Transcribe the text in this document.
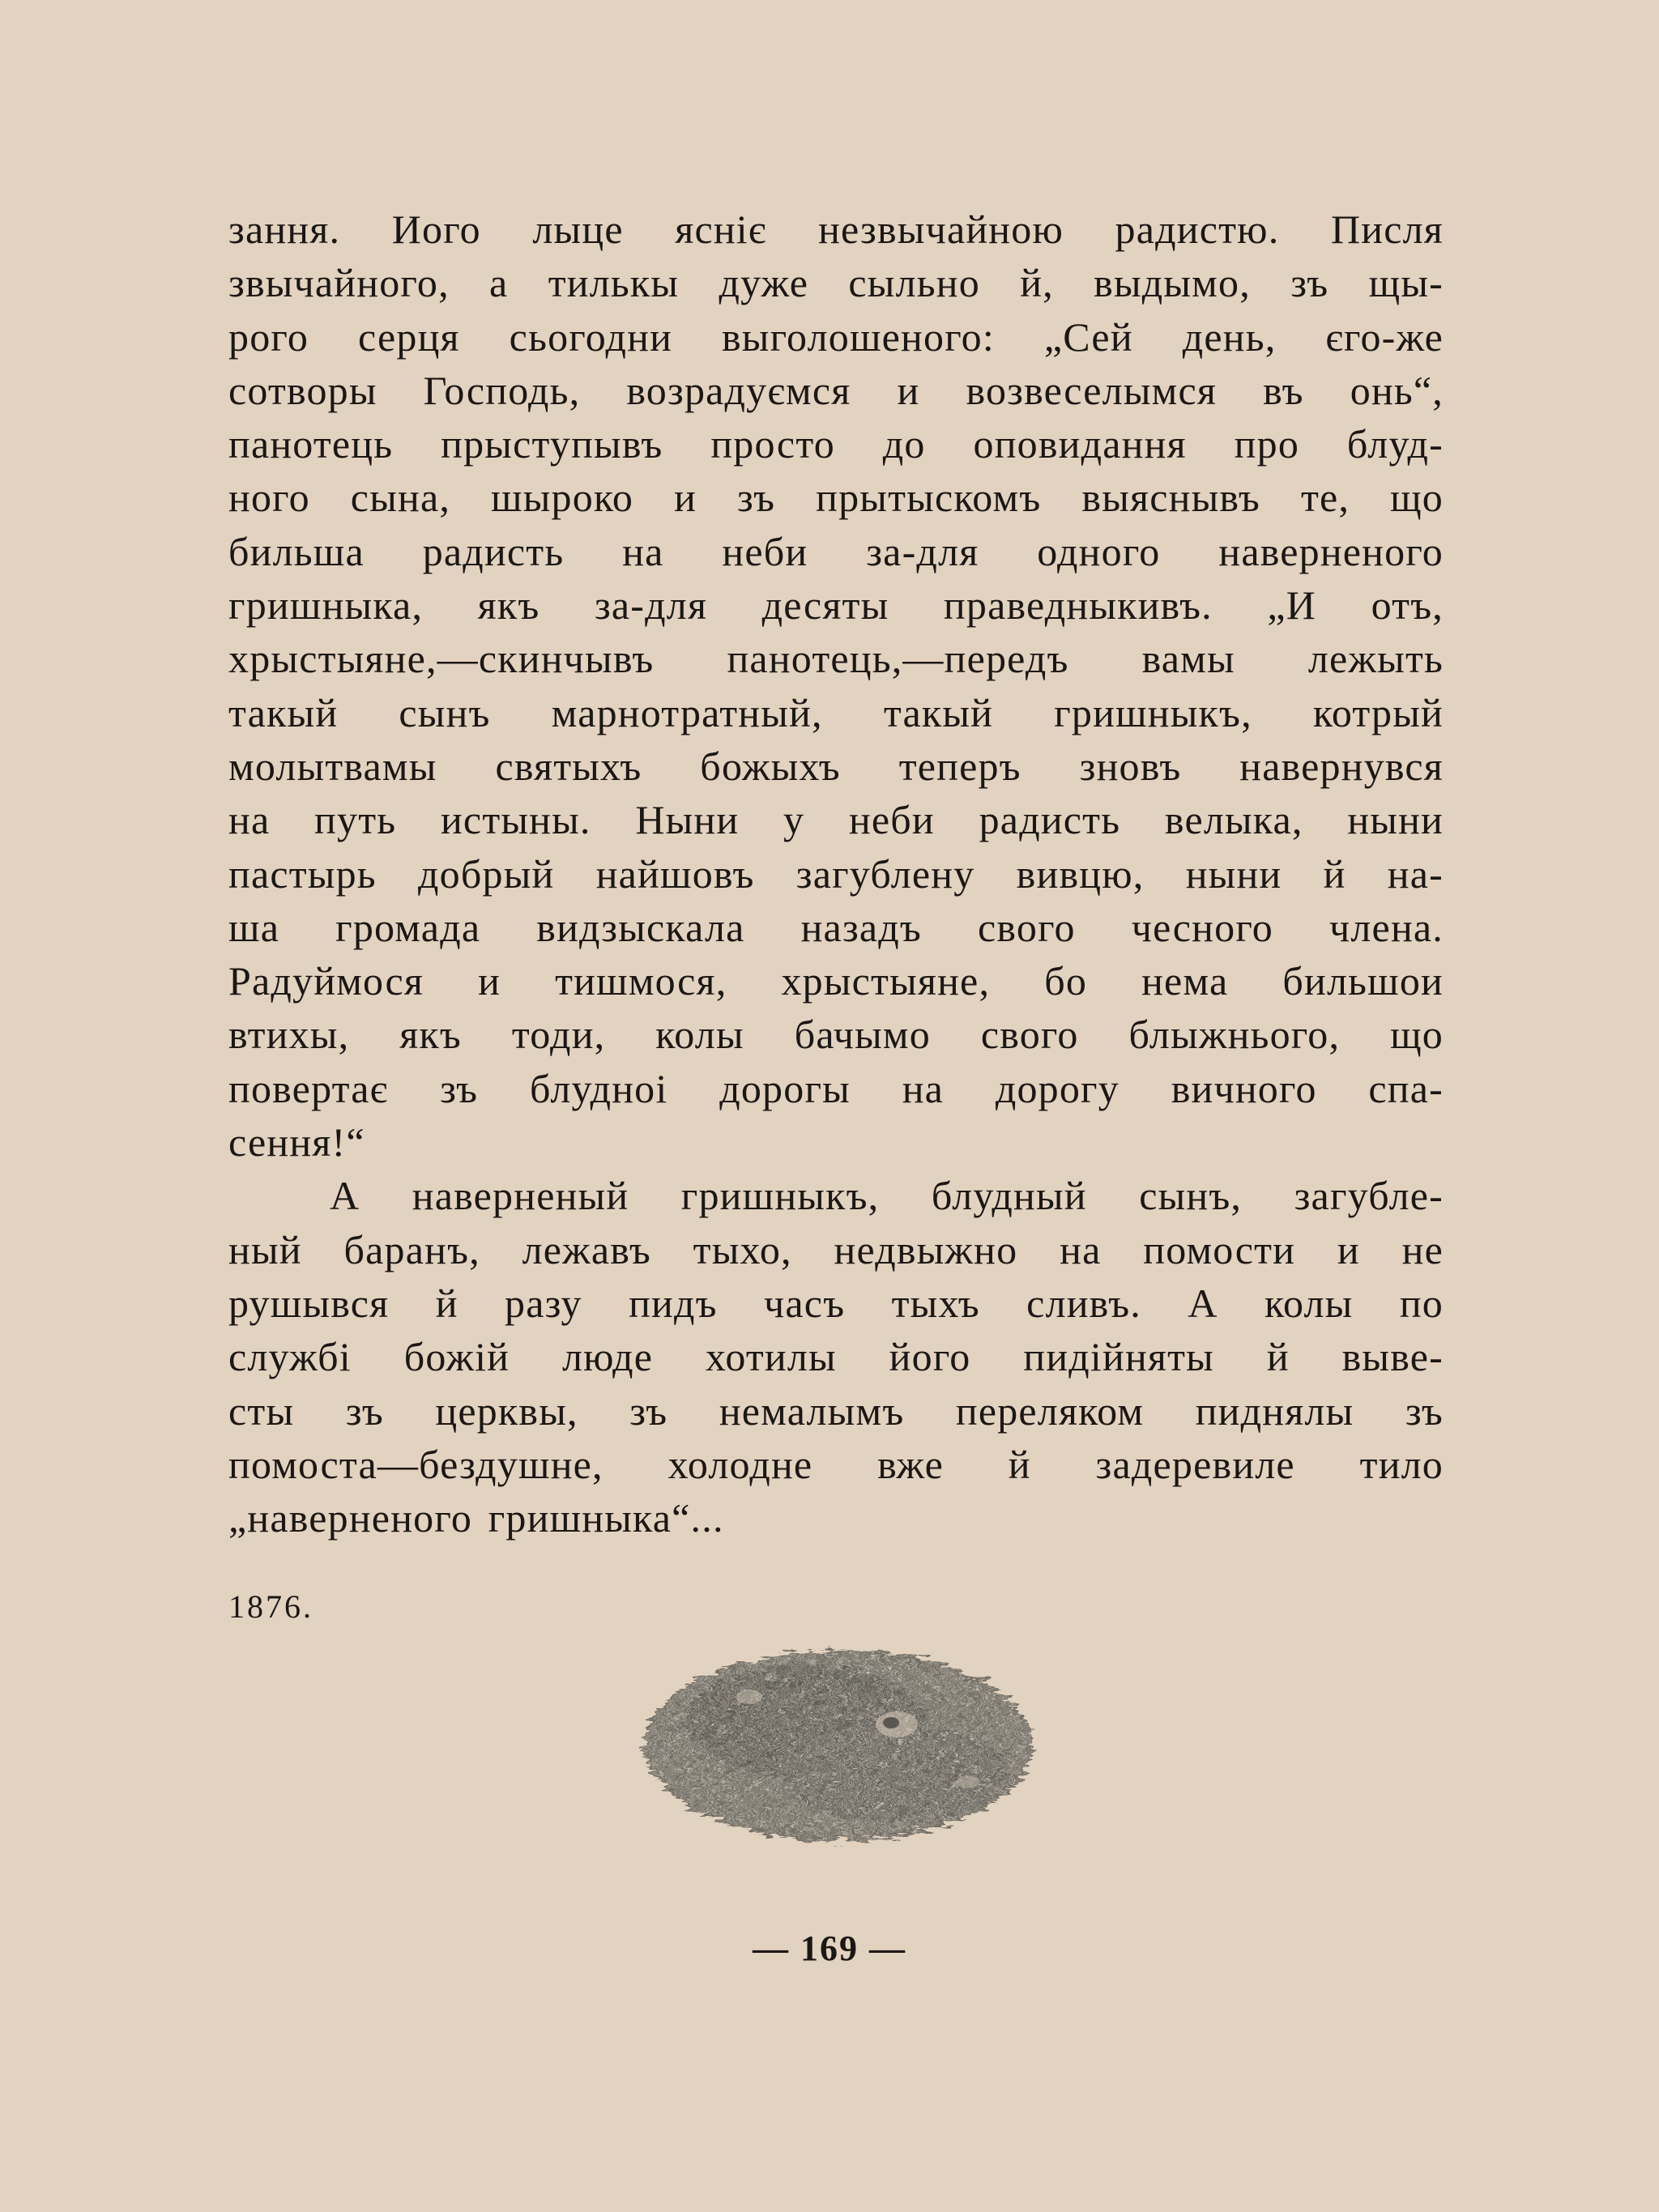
зання. Иого лыце ясніє незвычайною радистю. Писля
звычайного, а тилькы дуже сыльно й, выдымо, зъ щы-
рого серця сьогодни выголошеного: „Сей день, єго-же
сотворы Господь, возрадуємся и возвеселымся въ онь“,
панотець прыступывъ просто до оповидання про блуд-
ного сына, шырoко и зъ прытыскомъ выяснывъ те, що
бильша радисть на неби за-для одного наверненого
гришныка, якъ за-для десяты праведныкивъ. „И отъ,
хрыстыяне,—скинчывъ панотець,—передъ вамы лежыть
такый сынъ марнотратный, такый гришныкъ, котрый
молытвамы святыхъ божыхъ теперъ зновъ навернувся
на путь истыны. Ныни у неби радисть велыка, ныни
пастырь добрый найшовъ загублену вивцю, ныни й на-
ша громада видзыскала назадъ свого чесного члена.
Радуймося и тишмося, хрыстыяне, бо нема бильшои
втихы, якъ тоди, колы бачымо свого блыжнього, що
повертає зъ блудноі дорогы на дорогу вичного спа-
сення!“
А наверненый гришныкъ, блудный сынъ, загубле-
ный баранъ, лежавъ тыхо, недвыжно на помости и не
рушывся й разу пидъ часъ тыхъ сливъ. А колы по
службі божій люде хотилы його пидійняты й выве-
сты зъ церквы, зъ немалымъ переляком пиднялы зъ
помоста—бездушне, холодне вже й задеревиле тило
„наверненого гришныка“...
1876.
— 169 —
